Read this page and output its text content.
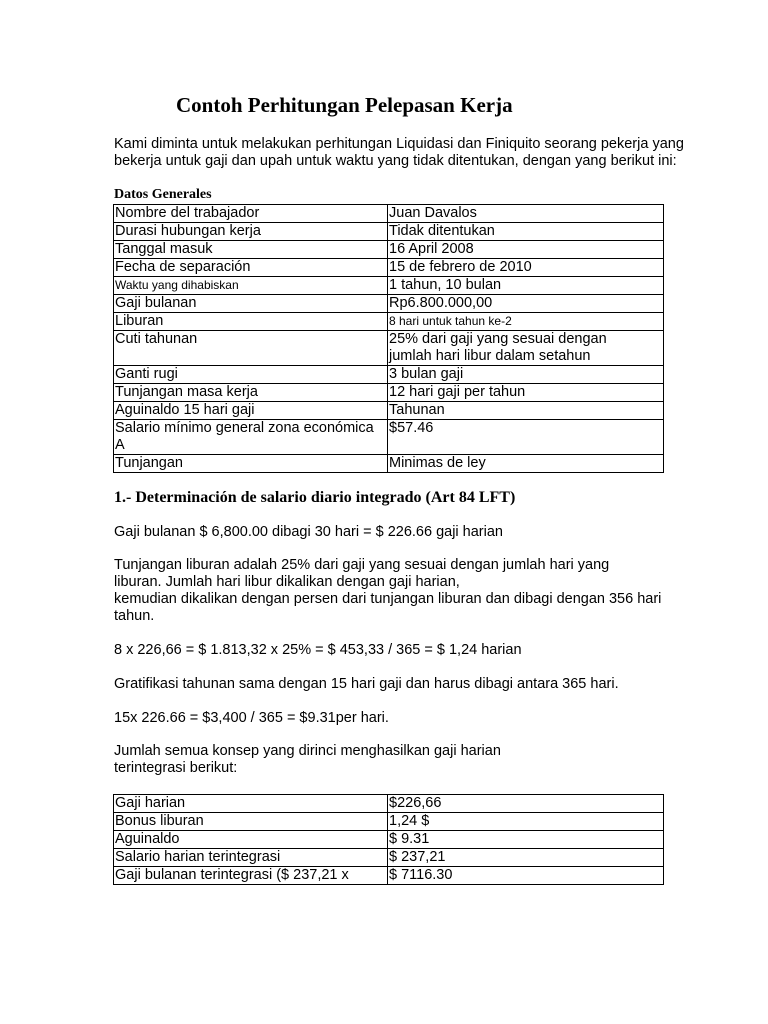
Contoh Perhitungan Pelepasan Kerja
Kami diminta untuk melakukan perhitungan Liquidasi dan Finiquito seorang pekerja yang
bekerja untuk gaji dan upah untuk waktu yang tidak ditentukan, dengan yang berikut ini:
Datos Generales
Nombre del trabajador	Juan Davalos
Durasi hubungan kerja	Tidak ditentukan
Tanggal masuk	16 April 2008
Fecha de separación	15 de febrero de 2010
Waktu yang dihabiskan	1 tahun, 10 bulan
Gaji bulanan	Rp6.800.000,00
Liburan	8 hari untuk tahun ke-2
Cuti tahunan	25% dari gaji yang sesuai dengan
jumlah hari libur dalam setahun

Ganti rugi	3 bulan gaji
Tunjangan masa kerja	12 hari gaji per tahun
Aguinaldo 15 hari gaji	Tahunan

Salario mínimo general zona económica
A	$57.46
Tunjangan	Minimas de ley
1.- Determinación de salario diario integrado (Art 84 LFT)
Gaji bulanan $ 6,800.00 dibagi 30 hari = $ 226.66 gaji harian
Tunjangan liburan adalah 25% dari gaji yang sesuai dengan jumlah hari yang
liburan. Jumlah hari libur dikalikan dengan gaji harian,
kemudian dikalikan dengan persen dari tunjangan liburan dan dibagi dengan 356 hari
tahun.
8 x 226,66 = $ 1.813,32 x 25% = $ 453,33 / 365 = $ 1,24 harian
Gratifikasi tahunan sama dengan 15 hari gaji dan harus dibagi antara 365 hari.
15x 226.66 = $3,400 / 365 = $9.31per hari.
Jumlah semua konsep yang dirinci menghasilkan gaji harian
terintegrasi berikut:
Gaji harian	$226,66
Bonus liburan	1,24 $
Aguinaldo	$ 9.31
Salario harian terintegrasi	$ 237,21
Gaji bulanan terintegrasi ($ 237,21 x	$ 7116.30
